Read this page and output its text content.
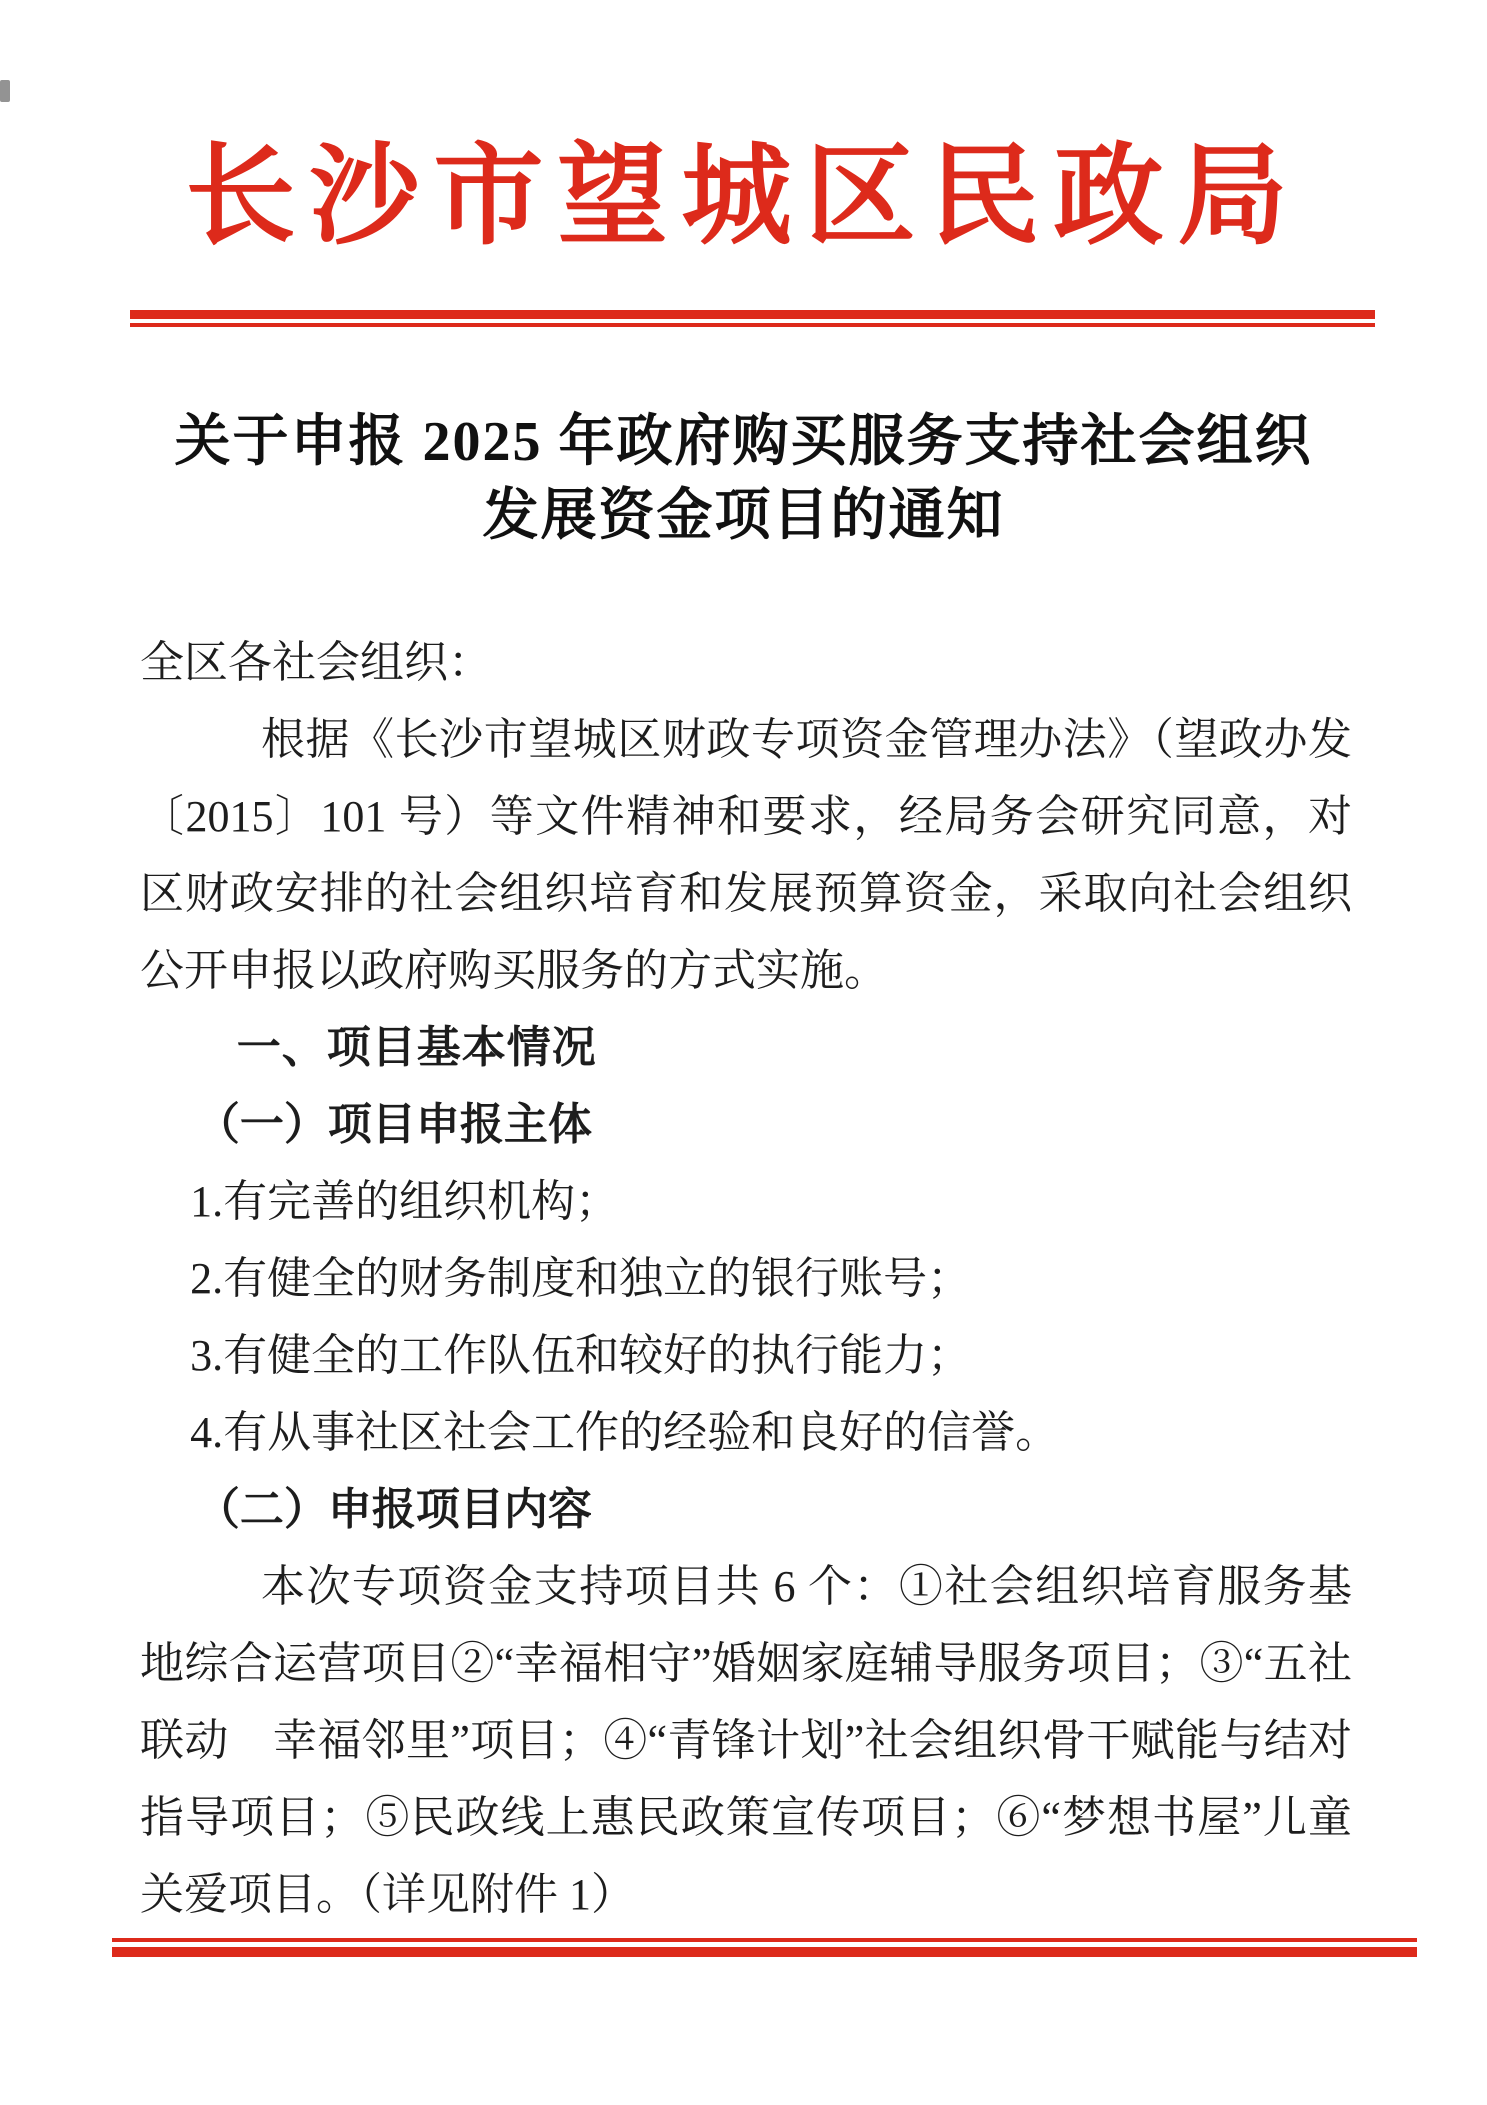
长沙市望城区民政局
关于申报 2025 年政府购买服务支持社会组织
发展资金项目的通知

全区各社会组织：

根据《长沙市望城区财政专项资金管理办法》（望政办发〔2015〕101 号）等文件精神和要求，经局务会研究同意，对区财政安排的社会组织培育和发展预算资金，采取向社会组织公开申报以政府购买服务的方式实施。

一、项目基本情况

（一）项目申报主体

1.有完善的组织机构；

2.有健全的财务制度和独立的银行账号；

3.有健全的工作队伍和较好的执行能力；

4.有从事社区社会工作的经验和良好的信誉。

（二）申报项目内容

本次专项资金支持项目共 6 个：①社会组织培育服务基地综合运营项目②“幸福相守”婚姻家庭辅导服务项目；③“五社联动　幸福邻里”项目；④“青锋计划”社会组织骨干赋能与结对指导项目；⑤民政线上惠民政策宣传项目；⑥“梦想书屋”儿童关爱项目。（详见附件 1）
